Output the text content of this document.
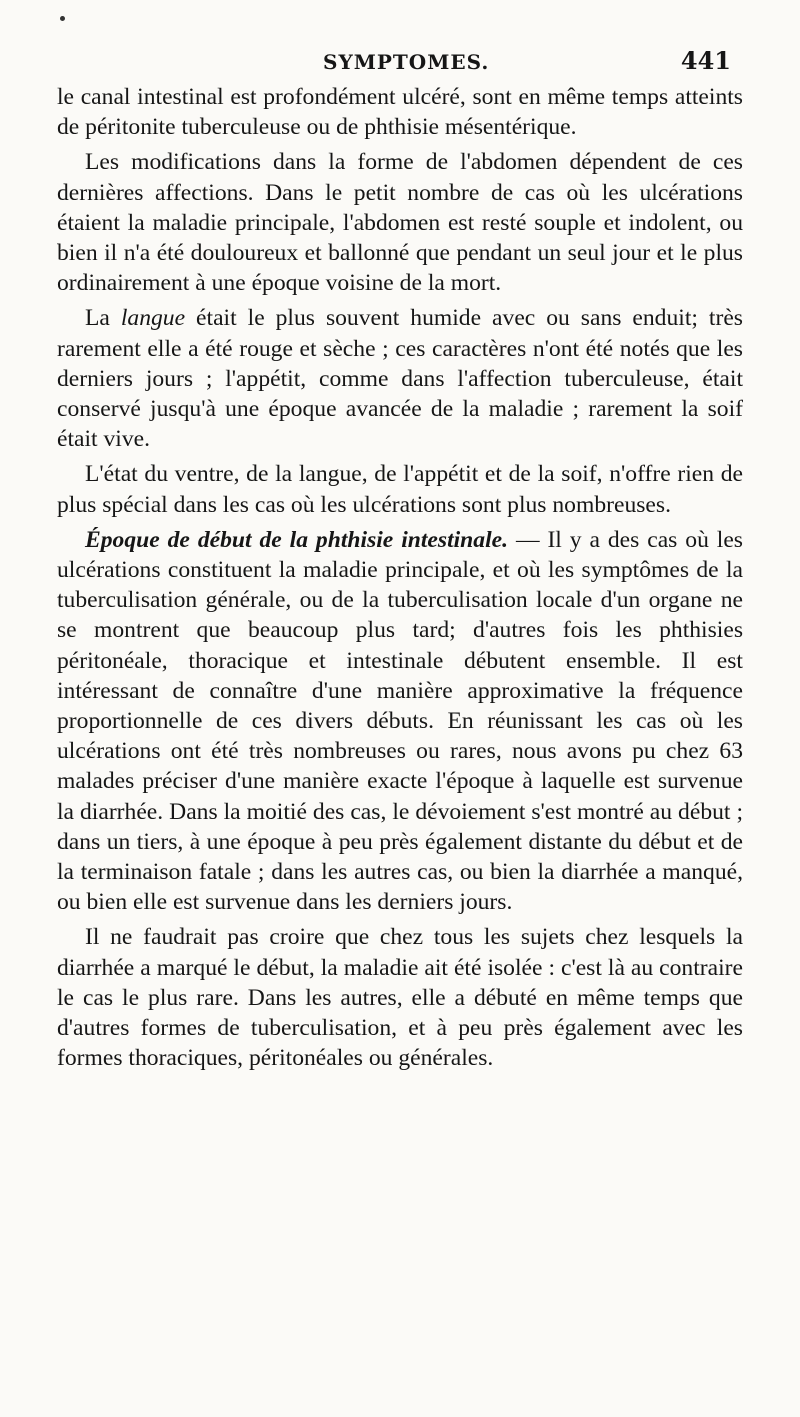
SYMPTOMES.	441

le canal intestinal est profondément ulcéré, sont en même temps atteints de péritonite tuberculeuse ou de phthisie mésentérique.

Les modifications dans la forme de l'abdomen dépendent de ces dernières affections. Dans le petit nombre de cas où les ulcérations étaient la maladie principale, l'abdomen est resté souple et indolent, ou bien il n'a été douloureux et ballonné que pendant un seul jour et le plus ordinairement à une époque voisine de la mort.

La langue était le plus souvent humide avec ou sans enduit; très rarement elle a été rouge et sèche ; ces caractères n'ont été notés que les derniers jours ; l'appétit, comme dans l'affection tuberculeuse, était conservé jusqu'à une époque avancée de la maladie ; rarement la soif était vive.

L'état du ventre, de la langue, de l'appétit et de la soif, n'offre rien de plus spécial dans les cas où les ulcérations sont plus nombreuses.

Époque de début de la phthisie intestinale. — Il y a des cas où les ulcérations constituent la maladie principale, et où les symptômes de la tuberculisation générale, ou de la tuberculisation locale d'un organe ne se montrent que beaucoup plus tard; d'autres fois les phthisies péritonéale, thoracique et intestinale débutent ensemble. Il est intéressant de connaître d'une manière approximative la fréquence proportionnelle de ces divers débuts. En réunissant les cas où les ulcérations ont été très nombreuses ou rares, nous avons pu chez 63 malades préciser d'une manière exacte l'époque à laquelle est survenue la diarrhée. Dans la moitié des cas, le dévoiement s'est montré au début ; dans un tiers, à une époque à peu près également distante du début et de la terminaison fatale ; dans les autres cas, ou bien la diarrhée a manqué, ou bien elle est survenue dans les derniers jours.

Il ne faudrait pas croire que chez tous les sujets chez lesquels la diarrhée a marqué le début, la maladie ait été isolée : c'est là au contraire le cas le plus rare. Dans les autres, elle a débuté en même temps que d'autres formes de tuberculisation, et à peu près également avec les formes thoraciques, péritonéales ou générales.
